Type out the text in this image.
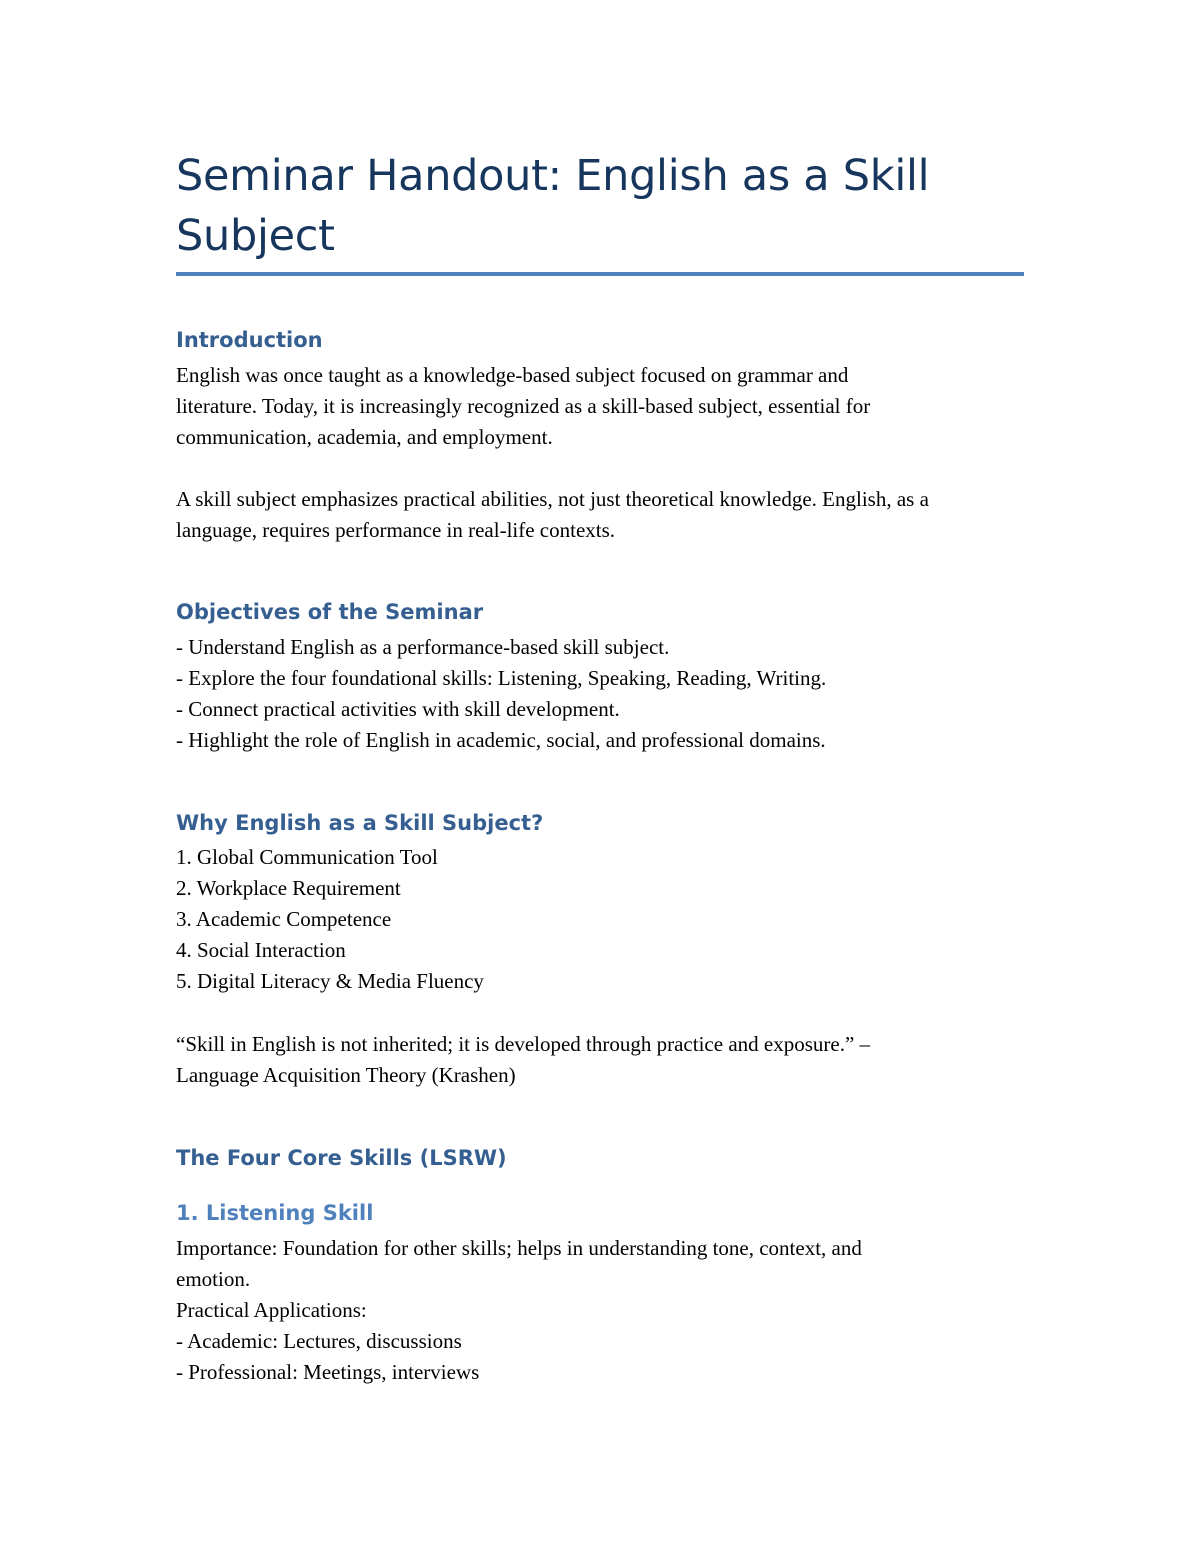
Seminar Handout: English as a Skill
Subject
Introduction

English was once taught as a knowledge-based subject focused on grammar and
literature. Today, it is increasingly recognized as a skill-based subject, essential for
communication, academia, and employment.

A skill subject emphasizes practical abilities, not just theoretical knowledge. English, as a
language, requires performance in real-life contexts.

Objectives of the Seminar

- Understand English as a performance-based skill subject.
- Explore the four foundational skills: Listening, Speaking, Reading, Writing.
- Connect practical activities with skill development.
- Highlight the role of English in academic, social, and professional domains.

Why English as a Skill Subject?

1. Global Communication Tool
2. Workplace Requirement
3. Academic Competence
4. Social Interaction
5. Digital Literacy & Media Fluency

“Skill in English is not inherited; it is developed through practice and exposure.” –
Language Acquisition Theory (Krashen)

The Four Core Skills (LSRW)
1. Listening Skill

Importance: Foundation for other skills; helps in understanding tone, context, and
emotion.
Practical Applications:
- Academic: Lectures, discussions
- Professional: Meetings, interviews
